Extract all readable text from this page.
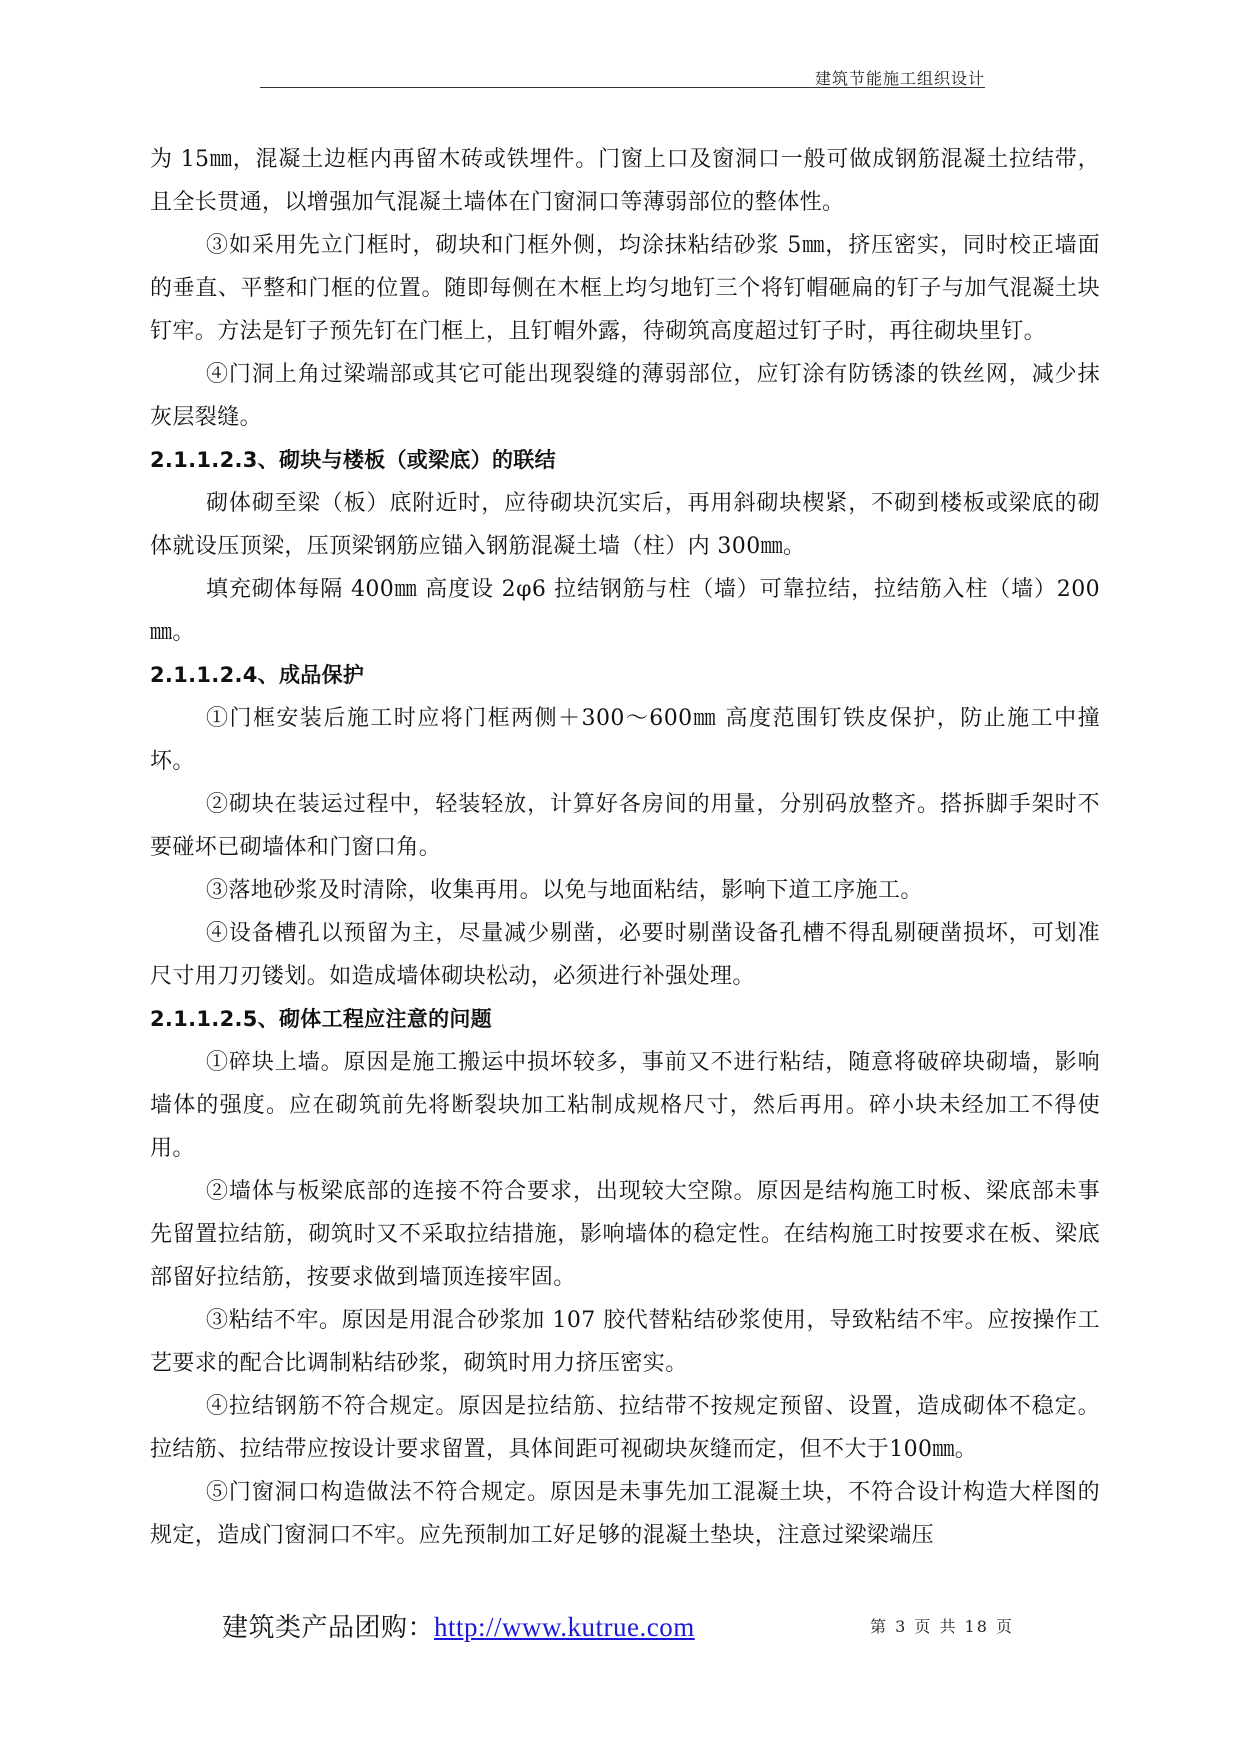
建筑节能施工组织设计

为 15㎜，混凝土边框内再留木砖或铁埋件。门窗上口及窗洞口一般可做成钢筋混凝土拉结带，且全长贯通，以增强加气混凝土墙体在门窗洞口等薄弱部位的整体性。

③如采用先立门框时，砌块和门框外侧，均涂抹粘结砂浆 5㎜，挤压密实，同时校正墙面的垂直、平整和门框的位置。随即每侧在木框上均匀地钉三个将钉帽砸扁的钉子与加气混凝土块钉牢。方法是钉子预先钉在门框上，且钉帽外露，待砌筑高度超过钉子时，再往砌块里钉。

④门洞上角过梁端部或其它可能出现裂缝的薄弱部位，应钉涂有防锈漆的铁丝网，减少抹灰层裂缝。

2.1.1.2.3、砌块与楼板（或梁底）的联结

砌体砌至梁（板）底附近时，应待砌块沉实后，再用斜砌块楔紧，不砌到楼板或梁底的砌体就设压顶梁，压顶梁钢筋应锚入钢筋混凝土墙（柱）内 300㎜。

填充砌体每隔 400㎜ 高度设 2φ6 拉结钢筋与柱（墙）可靠拉结，拉结筋入柱（墙）200㎜。

2.1.1.2.4、成品保护

①门框安装后施工时应将门框两侧＋300～600㎜ 高度范围钉铁皮保护，防止施工中撞坏。

②砌块在装运过程中，轻装轻放，计算好各房间的用量，分别码放整齐。搭拆脚手架时不要碰坏已砌墙体和门窗口角。

③落地砂浆及时清除，收集再用。以免与地面粘结，影响下道工序施工。

④设备槽孔以预留为主，尽量减少剔凿，必要时剔凿设备孔槽不得乱剔硬凿损坏，可划准尺寸用刀刃镂划。如造成墙体砌块松动，必须进行补强处理。

2.1.1.2.5、砌体工程应注意的问题

①碎块上墙。原因是施工搬运中损坏较多，事前又不进行粘结，随意将破碎块砌墙，影响墙体的强度。应在砌筑前先将断裂块加工粘制成规格尺寸，然后再用。碎小块未经加工不得使用。

②墙体与板梁底部的连接不符合要求，出现较大空隙。原因是结构施工时板、梁底部未事先留置拉结筋，砌筑时又不采取拉结措施，影响墙体的稳定性。在结构施工时按要求在板、梁底部留好拉结筋，按要求做到墙顶连接牢固。

③粘结不牢。原因是用混合砂浆加 107 胶代替粘结砂浆使用，导致粘结不牢。应按操作工艺要求的配合比调制粘结砂浆，砌筑时用力挤压密实。

④拉结钢筋不符合规定。原因是拉结筋、拉结带不按规定预留、设置，造成砌体不稳定。拉结筋、拉结带应按设计要求留置，具体间距可视砌块灰缝而定，但不大于100㎜。

⑤门窗洞口构造做法不符合规定。原因是未事先加工混凝土块，不符合设计构造大样图的规定，造成门窗洞口不牢。应先预制加工好足够的混凝土垫块，注意过梁梁端压

建筑类产品团购：http://www.kutrue.com	第 3 页 共 18 页
